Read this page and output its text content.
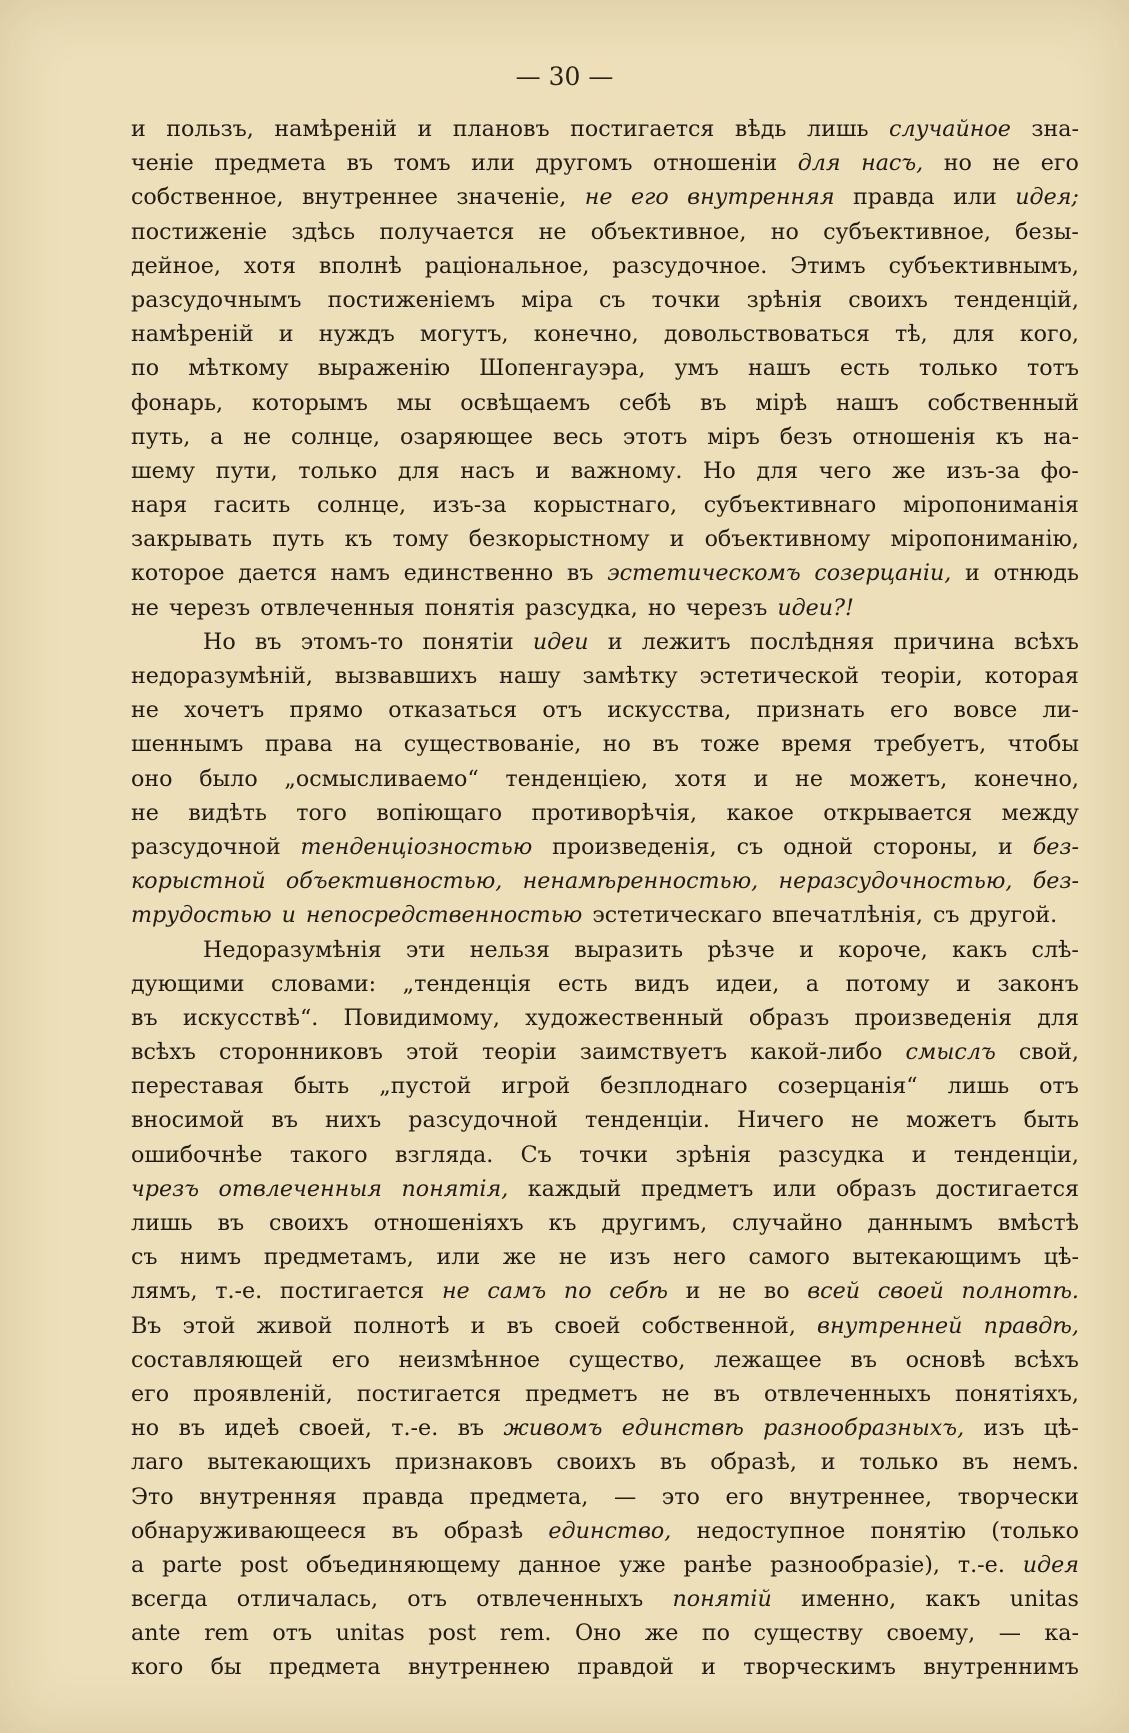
— 30 —
и пользъ, намѣреній и плановъ постигается вѣдь лишь случайное зна-
ченіе предмета въ томъ или другомъ отношеніи для насъ, но не его
собственное, внутреннее значеніе, не его внутренняя правда или идея;
постиженіе здѣсь получается не объективное, но субъективное, безы-
дейное, хотя вполнѣ раціональное, разсудочное. Этимъ субъективнымъ,
разсудочнымъ постиженіемъ міра съ точки зрѣнія своихъ тенденцій,
намѣреній и нуждъ могутъ, конечно, довольствоваться тѣ, для кого,
по мѣткому выраженію Шопенгауэра, умъ нашъ есть только тотъ
фонарь, которымъ мы освѣщаемъ себѣ въ мірѣ нашъ собственный
путь, а не солнце, озаряющее весь этотъ міръ безъ отношенія къ на-
шему пути, только для насъ и важному. Но для чего же изъ-за фо-
наря гасить солнце, изъ-за корыстнаго, субъективнаго міропониманія
закрывать путь къ тому безкорыстному и объективному міропониманію,
которое дается намъ единственно въ эстетическомъ созерцаніи, и отнюдь
не черезъ отвлеченныя понятія разсудка, но черезъ идеи?!
Но въ этомъ-то понятіи идеи и лежитъ послѣдняя причина всѣхъ
недоразумѣній, вызвавшихъ нашу замѣтку эстетической теоріи, которая
не хочетъ прямо отказаться отъ искусства, признать его вовсе ли-
шеннымъ права на существованіе, но въ тоже время требуетъ, чтобы
оно было „осмысливаемо“ тенденціею, хотя и не можетъ, конечно,
не видѣть того вопіющаго противорѣчія, какое открывается между
разсудочной тенденціозностью произведенія, съ одной стороны, и без-
корыстной объективностью, ненамѣренностью, неразсудочностью, без-
трудостью и непосредственностью эстетическаго впечатлѣнія, съ другой.
Недоразумѣнія эти нельзя выразить рѣзче и короче, какъ слѣ-
дующими словами: „тенденція есть видъ идеи, а потому и законъ
въ искусствѣ“. Повидимому, художественный образъ произведенія для
всѣхъ сторонниковъ этой теоріи заимствуетъ какой-либо смыслъ свой,
переставая быть „пустой игрой безплоднаго созерцанія“ лишь отъ
вносимой въ нихъ разсудочной тенденціи. Ничего не можетъ быть
ошибочнѣе такого взгляда. Съ точки зрѣнія разсудка и тенденціи,
чрезъ отвлеченныя понятія, каждый предметъ или образъ достигается
лишь въ своихъ отношеніяхъ къ другимъ, случайно даннымъ вмѣстѣ
съ нимъ предметамъ, или же не изъ него самого вытекающимъ цѣ-
лямъ, т.-е. постигается не самъ по себѣ и не во всей своей полнотѣ.
Въ этой живой полнотѣ и въ своей собственной, внутренней правдѣ,
составляющей его неизмѣнное существо, лежащее въ основѣ всѣхъ
его проявленій, постигается предметъ не въ отвлеченныхъ понятіяхъ,
но въ идеѣ своей, т.-е. въ живомъ единствѣ разнообразныхъ, изъ цѣ-
лаго вытекающихъ признаковъ своихъ въ образѣ, и только въ немъ.
Это внутренняя правда предмета, — это его внутреннее, творчески
обнаруживающееся въ образѣ единство, недоступное понятію (только
a parte post объединяющему данное уже ранѣе разнообразіе), т.-е. идея
всегда отличалась, отъ отвлеченныхъ понятій именно, какъ unitas
ante rem отъ unitas post rem. Оно же по существу своему, — ка-
кого бы предмета внутреннею правдой и творческимъ внутреннимъ
